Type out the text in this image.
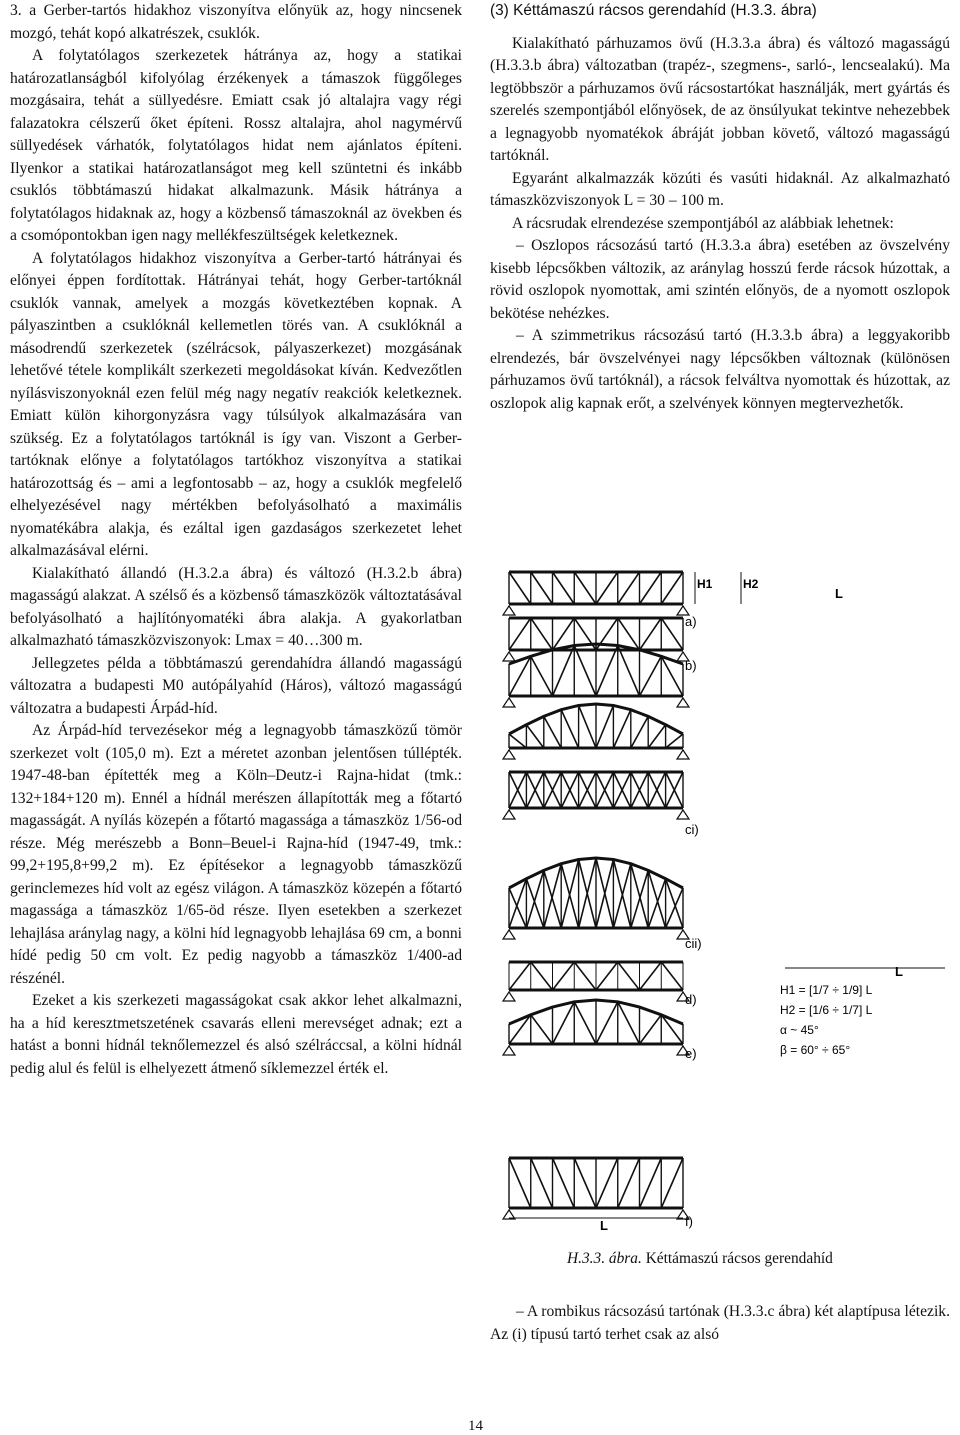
3. a Gerber-tartós hidakhoz viszonyítva előnyük az, hogy nincsenek mozgó, tehát kopó alkatrészek, csuklók.

A folytatólagos szerkezetek hátránya az, hogy a statikai határozatlanságból kifolyólag érzékenyek a támaszok függőleges mozgásaira, tehát a süllyedésre. Emiatt csak jó altalajra vagy régi falazatokra célszerű őket építeni. Rossz altalajra, ahol nagymérvű süllyedések várhatók, folytatólagos hidat nem ajánlatos építeni. Ilyenkor a statikai határozatlanságot meg kell szüntetni és inkább csuklós többtámaszú hidakat alkalmazunk. Másik hátránya a folytatólagos hidaknak az, hogy a közbenső támaszoknál az övekben és a csomópontokban igen nagy mellékfeszültségek keletkeznek.

A folytatólagos hidakhoz viszonyítva a Gerber-tartó hátrányai és előnyei éppen fordítottak. Hátrányai tehát, hogy Gerber-tartóknál csuklók vannak, amelyek a mozgás következtében kopnak. A pályaszintben a csuklóknál kellemetlen törés van. A csuklóknál a másodrendű szerkezetek (szélrácsok, pályaszerkezet) mozgásának lehetővé tétele komplikált szerkezeti megoldásokat kíván. Kedvezőtlen nyílásviszonyoknál ezen felül még nagy negatív reakciók keletkeznek. Emiatt külön kihorgonyzásra vagy túlsúlyok alkalmazására van szükség. Ez a folytatólagos tartóknál is így van. Viszont a Gerber-tartóknak előnye a folytatólagos tartókhoz viszonyítva a statikai határozottság és – ami a legfontosabb – az, hogy a csuklók megfelelő elhelyezésével nagy mértékben befolyásolható a maximális nyomatékábra alakja, és ezáltal igen gazdaságos szerkezetet lehet alkalmazásával elérni.

Kialakítható állandó (H.3.2.a ábra) és változó (H.3.2.b ábra) magasságú alakzat. A szélső és a közbenső támaszközök változtatásával befolyásolható a hajlítónyomatéki ábra alakja. A gyakorlatban alkalmazható támaszközviszonyok: Lmax = 40…300 m.

Jellegzetes példa a többtámaszú gerendahídra állandó magasságú változatra a budapesti M0 autópályahíd (Háros), változó magasságú változatra a budapesti Árpád-híd.

Az Árpád-híd tervezésekor még a legnagyobb támaszközű tömör szerkezet volt (105,0 m). Ezt a méretet azonban jelentősen túllépték. 1947-48-ban építették meg a Köln–Deutz-i Rajna-hidat (tmk.: 132+184+120 m). Ennél a hídnál merészen állapították meg a főtartó magasságát. A nyílás közepén a főtartó magassága a támaszköz 1/56-od része. Még merészebb a Bonn–Beuel-i Rajna-híd (1947-49, tmk.: 99,2+195,8+99,2 m). Ez építésekor a legnagyobb támaszközű gerinclemezes híd volt az egész világon. A támaszköz közepén a főtartó magassága a támaszköz 1/65-öd része. Ilyen esetekben a szerkezet lehajlása aránylag nagy, a kölni híd legnagyobb lehajlása 69 cm, a bonni hídé pedig 50 cm volt. Ez pedig nagyobb a támaszköz 1/400-ad részénél.

Ezeket a kis szerkezeti magasságokat csak akkor lehet alkalmazni, ha a híd keresztmetszetének csavarás elleni merevséget adnak; ezt a hatást a bonni hídnál teknőlemezzel és alsó szélráccsal, a kölni hídnál pedig alul és felül is elhelyezett átmenő síklemezzel érték el.

(3) Kéttámaszú rácsos gerendahíd (H.3.3. ábra)

Kialakítható párhuzamos övű (H.3.3.a ábra) és változó magasságú (H.3.3.b ábra) változatban (trapéz-, szegmens-, sarló-, lencsealakú). Ma legtöbbször a párhuzamos övű rácsostartókat használják, mert gyártás és szerelés szempontjából előnyösek, de az önsúlyukat tekintve nehezebbek a legnagyobb nyomatékok ábráját jobban követő, változó magasságú tartóknál.

Egyaránt alkalmazzák közúti és vasúti hidaknál. Az alkalmazható támaszközviszonyok L = 30 – 100 m.

A rácsrudak elrendezése szempontjából az alábbiak lehetnek:

– Oszlopos rácsozású tartó (H.3.3.a ábra) esetében az övszelvény kisebb lépcsőkben változik, az aránylag hosszú ferde rácsok húzottak, a rövid oszlopok nyomottak, ami szintén előnyös, de a nyomott oszlopok bekötése nehézkes.

– A szimmetrikus rácsozású tartó (H.3.3.b ábra) a leggyakoribb elrendezés, bár övszelvényei nagy lépcsőkben változnak (különösen párhuzamos övű tartóknál), a rácsok felváltva nyomottak és húzottak, az oszlopok alig kapnak erőt, a szelvények könnyen megtervezhetők.

a)
b)
ci)
cii)
d)
e)
f)
H1	H2
L
L
L
H1 = [1/7 ÷ 1/9] L
H2 = [1/6 ÷ 1/7] L
α ~ 45°
β = 60° ÷ 65°
H.3.3. ábra. Kéttámaszú rácsos gerendahíd

– A rombikus rácsozású tartónak (H.3.3.c ábra) két alaptípusa létezik. Az (i) típusú tartó terhet csak az alsó

14
